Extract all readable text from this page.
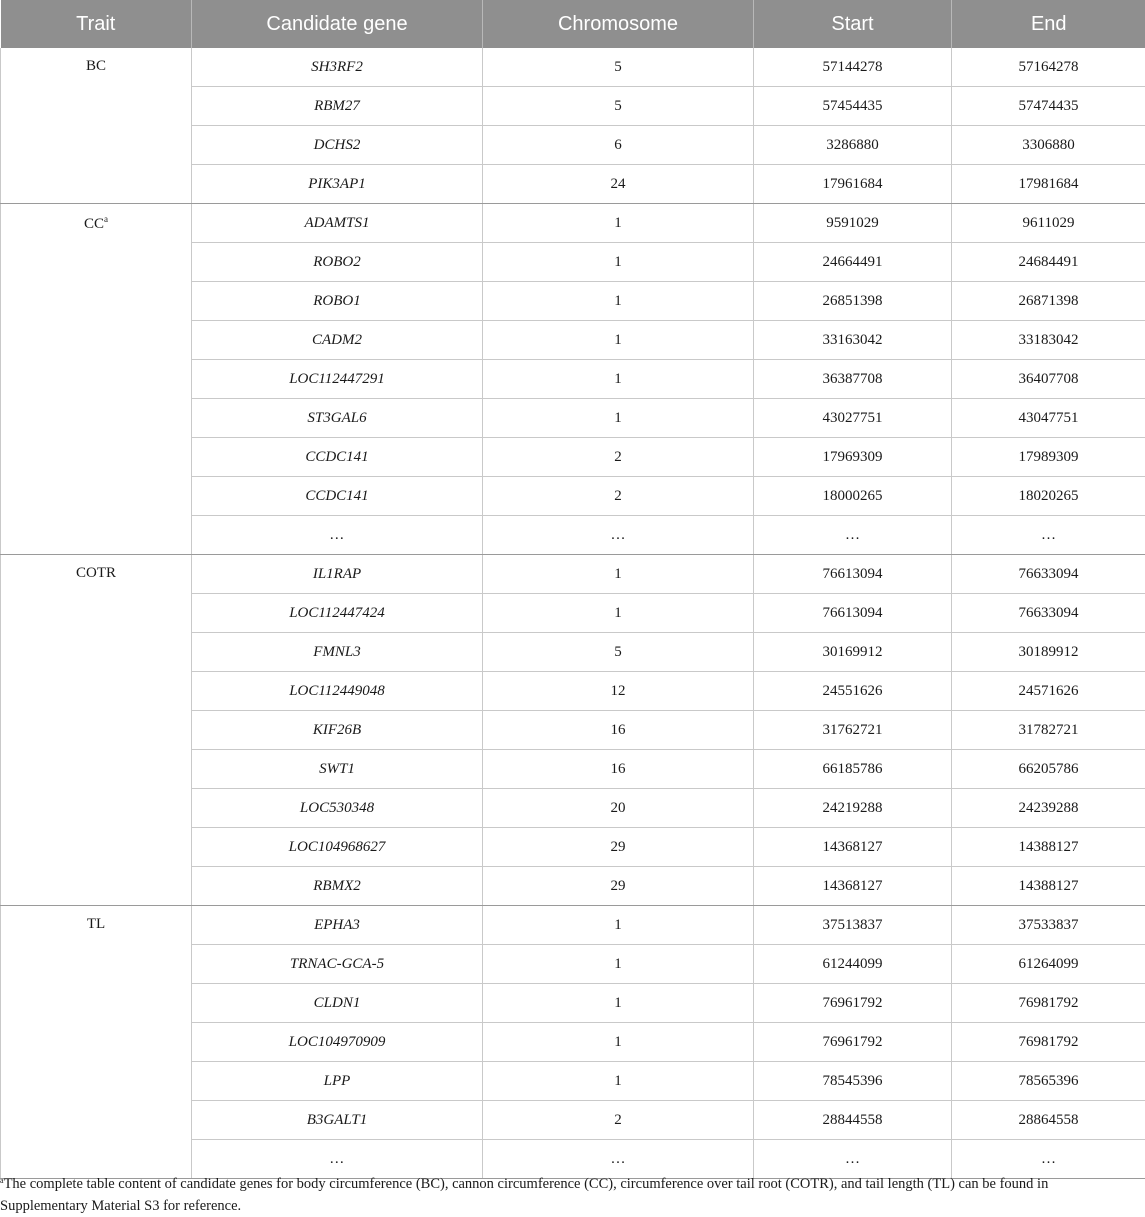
Trait	Candidate gene	Chromosome	Start	End
BC	SH3RF2	5	57144278	57164278
	RBM27	5	57454435	57474435
	DCHS2	6	3286880	3306880
	PIK3AP1	24	17961684	17981684
$CC^a$	ADAMTS1	1	9591029	9611029
	ROBO2	1	24664491	24684491
	ROBO1	1	26851398	26871398
	CADM2	1	33163042	33183042
	LOC112447291	1	36387708	36407708
	ST3GAL6	1	43027751	43047751
	CCDC141	2	17969309	17989309
	CCDC141	2	18000265	18020265
	…	…	…	…
COTR	IL1RAP	1	76613094	76633094
	LOC112447424	1	76613094	76633094
	FMNL3	5	30169912	30189912
	LOC112449048	12	24551626	24571626
	KIF26B	16	31762721	31782721
	SWT1	16	66185786	66205786
	LOC530348	20	24219288	24239288
	LOC104968627	29	14368127	14388127
	RBMX2	29	14368127	14388127
TL	EPHA3	1	37513837	37533837
	TRNAC-GCA-5	1	61244099	61264099
	CLDN1	1	76961792	76981792
	LOC104970909	1	76961792	76981792
	LPP	1	78545396	78565396
	B3GALT1	2	28844558	28864558
	…	…	…	…
$^a$The complete table content of candidate genes for body circumference (BC), cannon circumference (CC), circumference over tail root (COTR), and tail length (TL) can be found in Supplementary Material S3 for reference.
